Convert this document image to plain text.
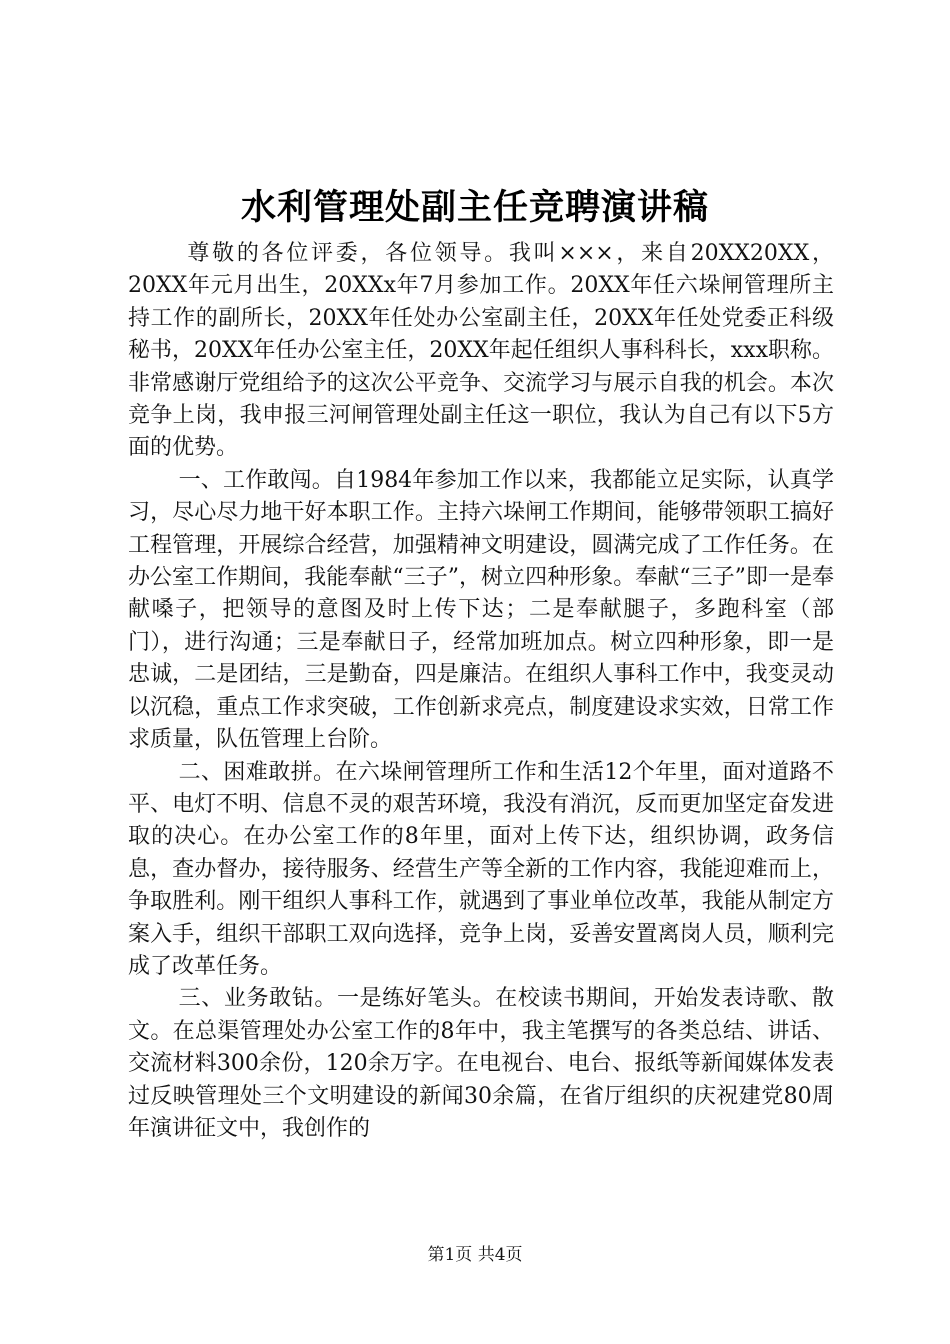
水利管理处副主任竞聘演讲稿

尊敬的各位评委，各位领导。我叫×××，来自20XX20XX，20XX年元月出生，20XXx年7月参加工作。20XX年任六垛闸管理所主持工作的副所长，20XX年任处办公室副主任，20XX年任处党委正科级秘书，20XX年任办公室主任，20XX年起任组织人事科科长，xxx职称。非常感谢厅党组给予的这次公平竞争、交流学习与展示自我的机会。本次竞争上岗，我申报三河闸管理处副主任这一职位，我认为自己有以下5方面的优势。

一、工作敢闯。自1984年参加工作以来，我都能立足实际，认真学习，尽心尽力地干好本职工作。主持六垛闸工作期间，能够带领职工搞好工程管理，开展综合经营，加强精神文明建设，圆满完成了工作任务。在办公室工作期间，我能奉献“三子”，树立四种形象。奉献“三子”即一是奉献嗓子，把领导的意图及时上传下达；二是奉献腿子，多跑科室（部门），进行沟通；三是奉献日子，经常加班加点。树立四种形象，即一是忠诚，二是团结，三是勤奋，四是廉洁。在组织人事科工作中，我变灵动以沉稳，重点工作求突破，工作创新求亮点，制度建设求实效，日常工作求质量，队伍管理上台阶。

二、困难敢拼。在六垛闸管理所工作和生活12个年里，面对道路不平、电灯不明、信息不灵的艰苦环境，我没有消沉，反而更加坚定奋发进取的决心。在办公室工作的8年里，面对上传下达，组织协调，政务信息，查办督办，接待服务、经营生产等全新的工作内容，我能迎难而上，争取胜利。刚干组织人事科工作，就遇到了事业单位改革，我能从制定方案入手，组织干部职工双向选择，竞争上岗，妥善安置离岗人员，顺利完成了改革任务。

三、业务敢钻。一是练好笔头。在校读书期间，开始发表诗歌、散文。在总渠管理处办公室工作的8年中，我主笔撰写的各类总结、讲话、交流材料300余份，120余万字。在电视台、电台、报纸等新闻媒体发表过反映管理处三个文明建设的新闻30余篇，在省厅组织的庆祝建党80周年演讲征文中，我创作的

第1页 共4页
